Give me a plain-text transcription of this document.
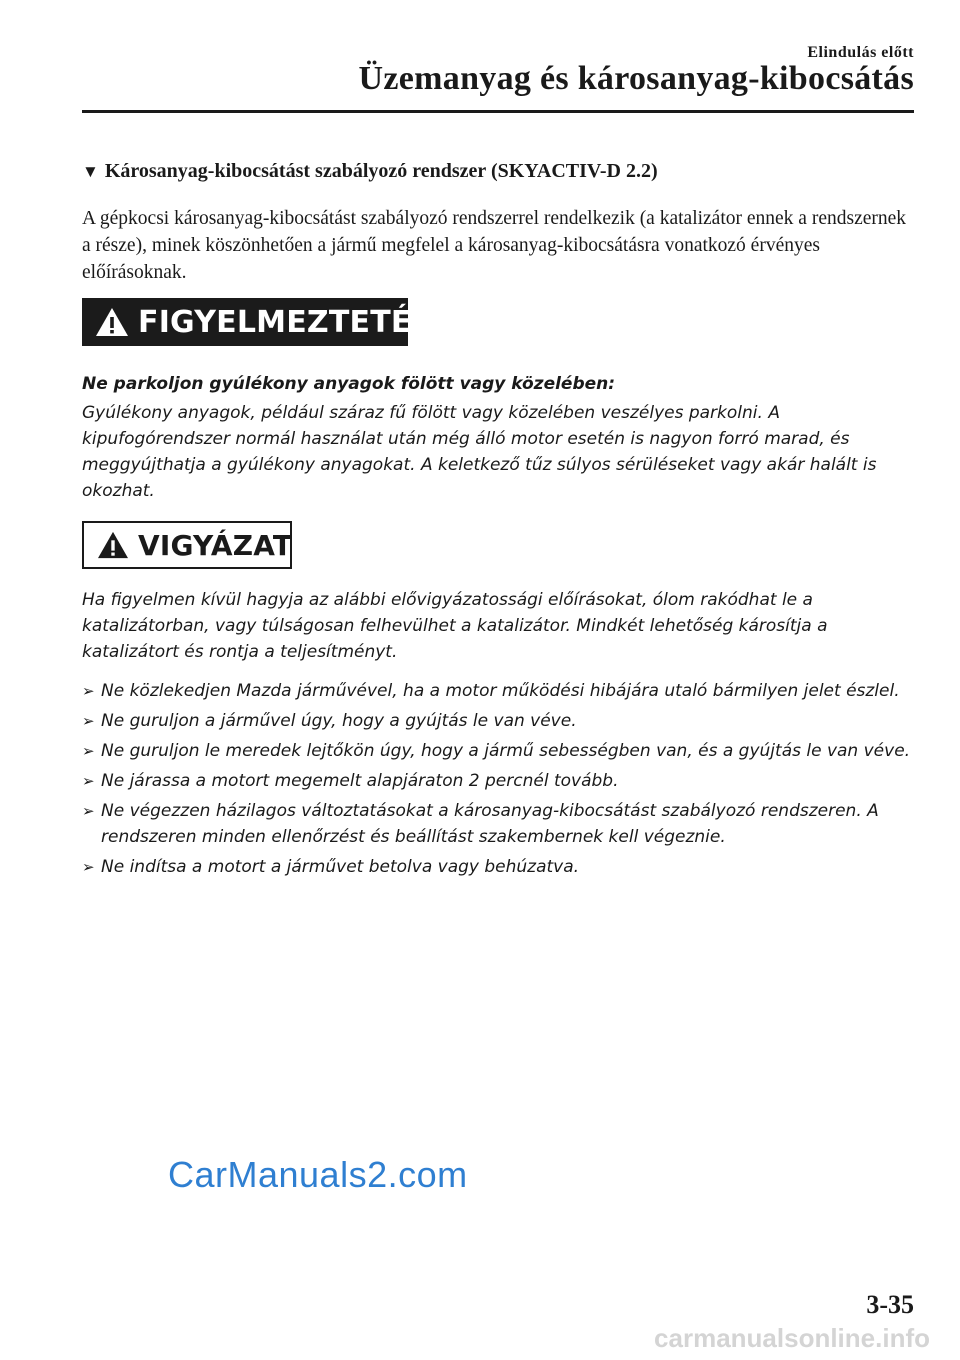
Elindulás előtt
Üzemanyag és károsanyag-kibocsátás
▼ Károsanyag-kibocsátást szabályozó rendszer (SKYACTIV-D 2.2)

A gépkocsi károsanyag-kibocsátást szabályozó rendszerrel rendelkezik (a katalizátor ennek a rendszernek a része), minek köszönhetően a jármű megfelel a károsanyag-kibocsátásra vonatkozó érvényes előírásoknak.

FIGYELMEZTETÉS

Ne parkoljon gyúlékony anyagok fölött vagy közelében:

Gyúlékony anyagok, például száraz fű fölött vagy közelében veszélyes parkolni. A kipufogórendszer normál használat után még álló motor esetén is nagyon forró marad, és meggyújthatja a gyúlékony anyagokat. A keletkező tűz súlyos sérüléseket vagy akár halált is okozhat.

VIGYÁZAT

Ha figyelmen kívül hagyja az alábbi elővigyázatossági előírásokat, ólom rakódhat le a katalizátorban, vagy túlságosan felhevülhet a katalizátor. Mindkét lehetőség károsítja a katalizátort és rontja a teljesítményt.

➢ Ne közlekedjen Mazda járművével, ha a motor működési hibájára utaló bármilyen jelet észlel.
➢ Ne guruljon a járművel úgy, hogy a gyújtás le van véve.
➢ Ne guruljon le meredek lejtőkön úgy, hogy a jármű sebességben van, és a gyújtás le van véve.
➢ Ne járassa a motort megemelt alapjáraton 2 percnél tovább.
➢ Ne végezzen házilagos változtatásokat a károsanyag-kibocsátást szabályozó rendszeren. A rendszeren minden ellenőrzést és beállítást szakembernek kell végeznie.
➢ Ne indítsa a motort a járművet betolva vagy behúzatva.
CarManuals2.com
3-35
carmanualsonline.info
